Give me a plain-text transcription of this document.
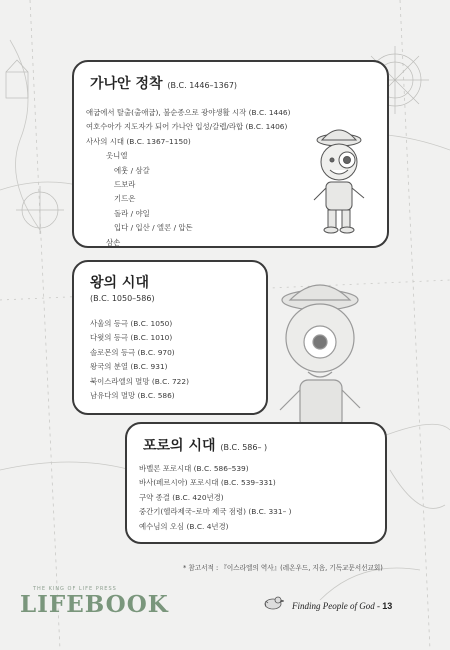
가나안 정착 (B.C. 1446–1367)
애굽에서 탈출(출애굽), 불순종으로 광야생활 시작 (B.C. 1446)
여호수아가 지도자가 되어 가나안 입성/갈렙/라합 (B.C. 1406)
사사의 시대 (B.C. 1367–1150)
옷니엘
에훗 / 삼갈
드보라
기드온
돌라 / 야일
입다 / 입산 / 엘론 / 압돈
삼손
왕의 시대
(B.C. 1050–586)
사울의 등극 (B.C. 1050)
다윗의 등극 (B.C. 1010)
솔로몬의 등극 (B.C. 970)
왕국의 분열 (B.C. 931)
북이스라엘의 멸망 (B.C. 722)
남유다의 멸망 (B.C. 586)
포로의 시대 (B.C. 586– )
바벨론 포로시대 (B.C. 586–539)
바사(페르시아) 포로시대 (B.C. 539–331)
구약 종결 (B.C. 420년경)
중간기(헬라제국–로마 제국 점령) (B.C. 331– )
예수님의 오심 (B.C. 4년경)
* 참고서적 : 『이스라엘의 역사』(레온우드, 지음, 기독교문서선교회)
THE KING OF LIFE PRESS
LIFEBOOK	Finding People of God - 13
